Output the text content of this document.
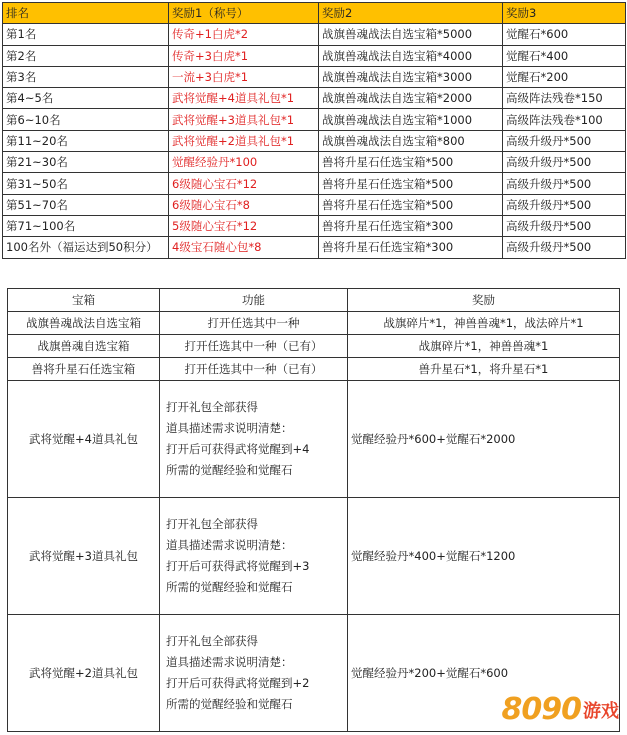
排名	奖励1（称号）	奖励2	奖励3
第1名	传奇+1白虎*2	战旗兽魂战法自选宝箱*5000	觉醒石*600
第2名	传奇+3白虎*1	战旗兽魂战法自选宝箱*4000	觉醒石*400
第3名	一流+3白虎*1	战旗兽魂战法自选宝箱*3000	觉醒石*200
第4~5名	武将觉醒+4道具礼包*1	战旗兽魂战法自选宝箱*2000	高级阵法残卷*150
第6~10名	武将觉醒+3道具礼包*1	战旗兽魂战法自选宝箱*1000	高级阵法残卷*100
第11~20名	武将觉醒+2道具礼包*1	战旗兽魂战法自选宝箱*800	高级升级丹*500
第21~30名	觉醒经验丹*100	兽将升星石任选宝箱*500	高级升级丹*500
第31~50名	6级随心宝石*12	兽将升星石任选宝箱*500	高级升级丹*500
第51~70名	6级随心宝石*8	兽将升星石任选宝箱*500	高级升级丹*500
第71~100名	5级随心宝石*12	兽将升星石任选宝箱*300	高级升级丹*500
100名外（福运达到50积分）	4级宝石随心包*8	兽将升星石任选宝箱*300	高级升级丹*500
宝箱	功能	奖励
战旗兽魂战法自选宝箱	打开任选其中一种	战旗碎片*1，神兽兽魂*1，战法碎片*1
战旗兽魂自选宝箱	打开任选其中一种（已有）	战旗碎片*1，神兽兽魂*1
兽将升星石任选宝箱	打开任选其中一种（已有）	兽升星石*1，将升星石*1
武将觉醒+4道具礼包	打开礼包全部获得
道具描述需求说明清楚：
打开后可获得武将觉醒到+4
所需的觉醒经验和觉醒石	觉醒经验丹*600+觉醒石*2000
武将觉醒+3道具礼包	打开礼包全部获得
道具描述需求说明清楚：
打开后可获得武将觉醒到+3
所需的觉醒经验和觉醒石	觉醒经验丹*400+觉醒石*1200
武将觉醒+2道具礼包	打开礼包全部获得
道具描述需求说明清楚：
打开后可获得武将觉醒到+2
所需的觉醒经验和觉醒石	觉醒经验丹*200+觉醒石*600
8090 游戏
